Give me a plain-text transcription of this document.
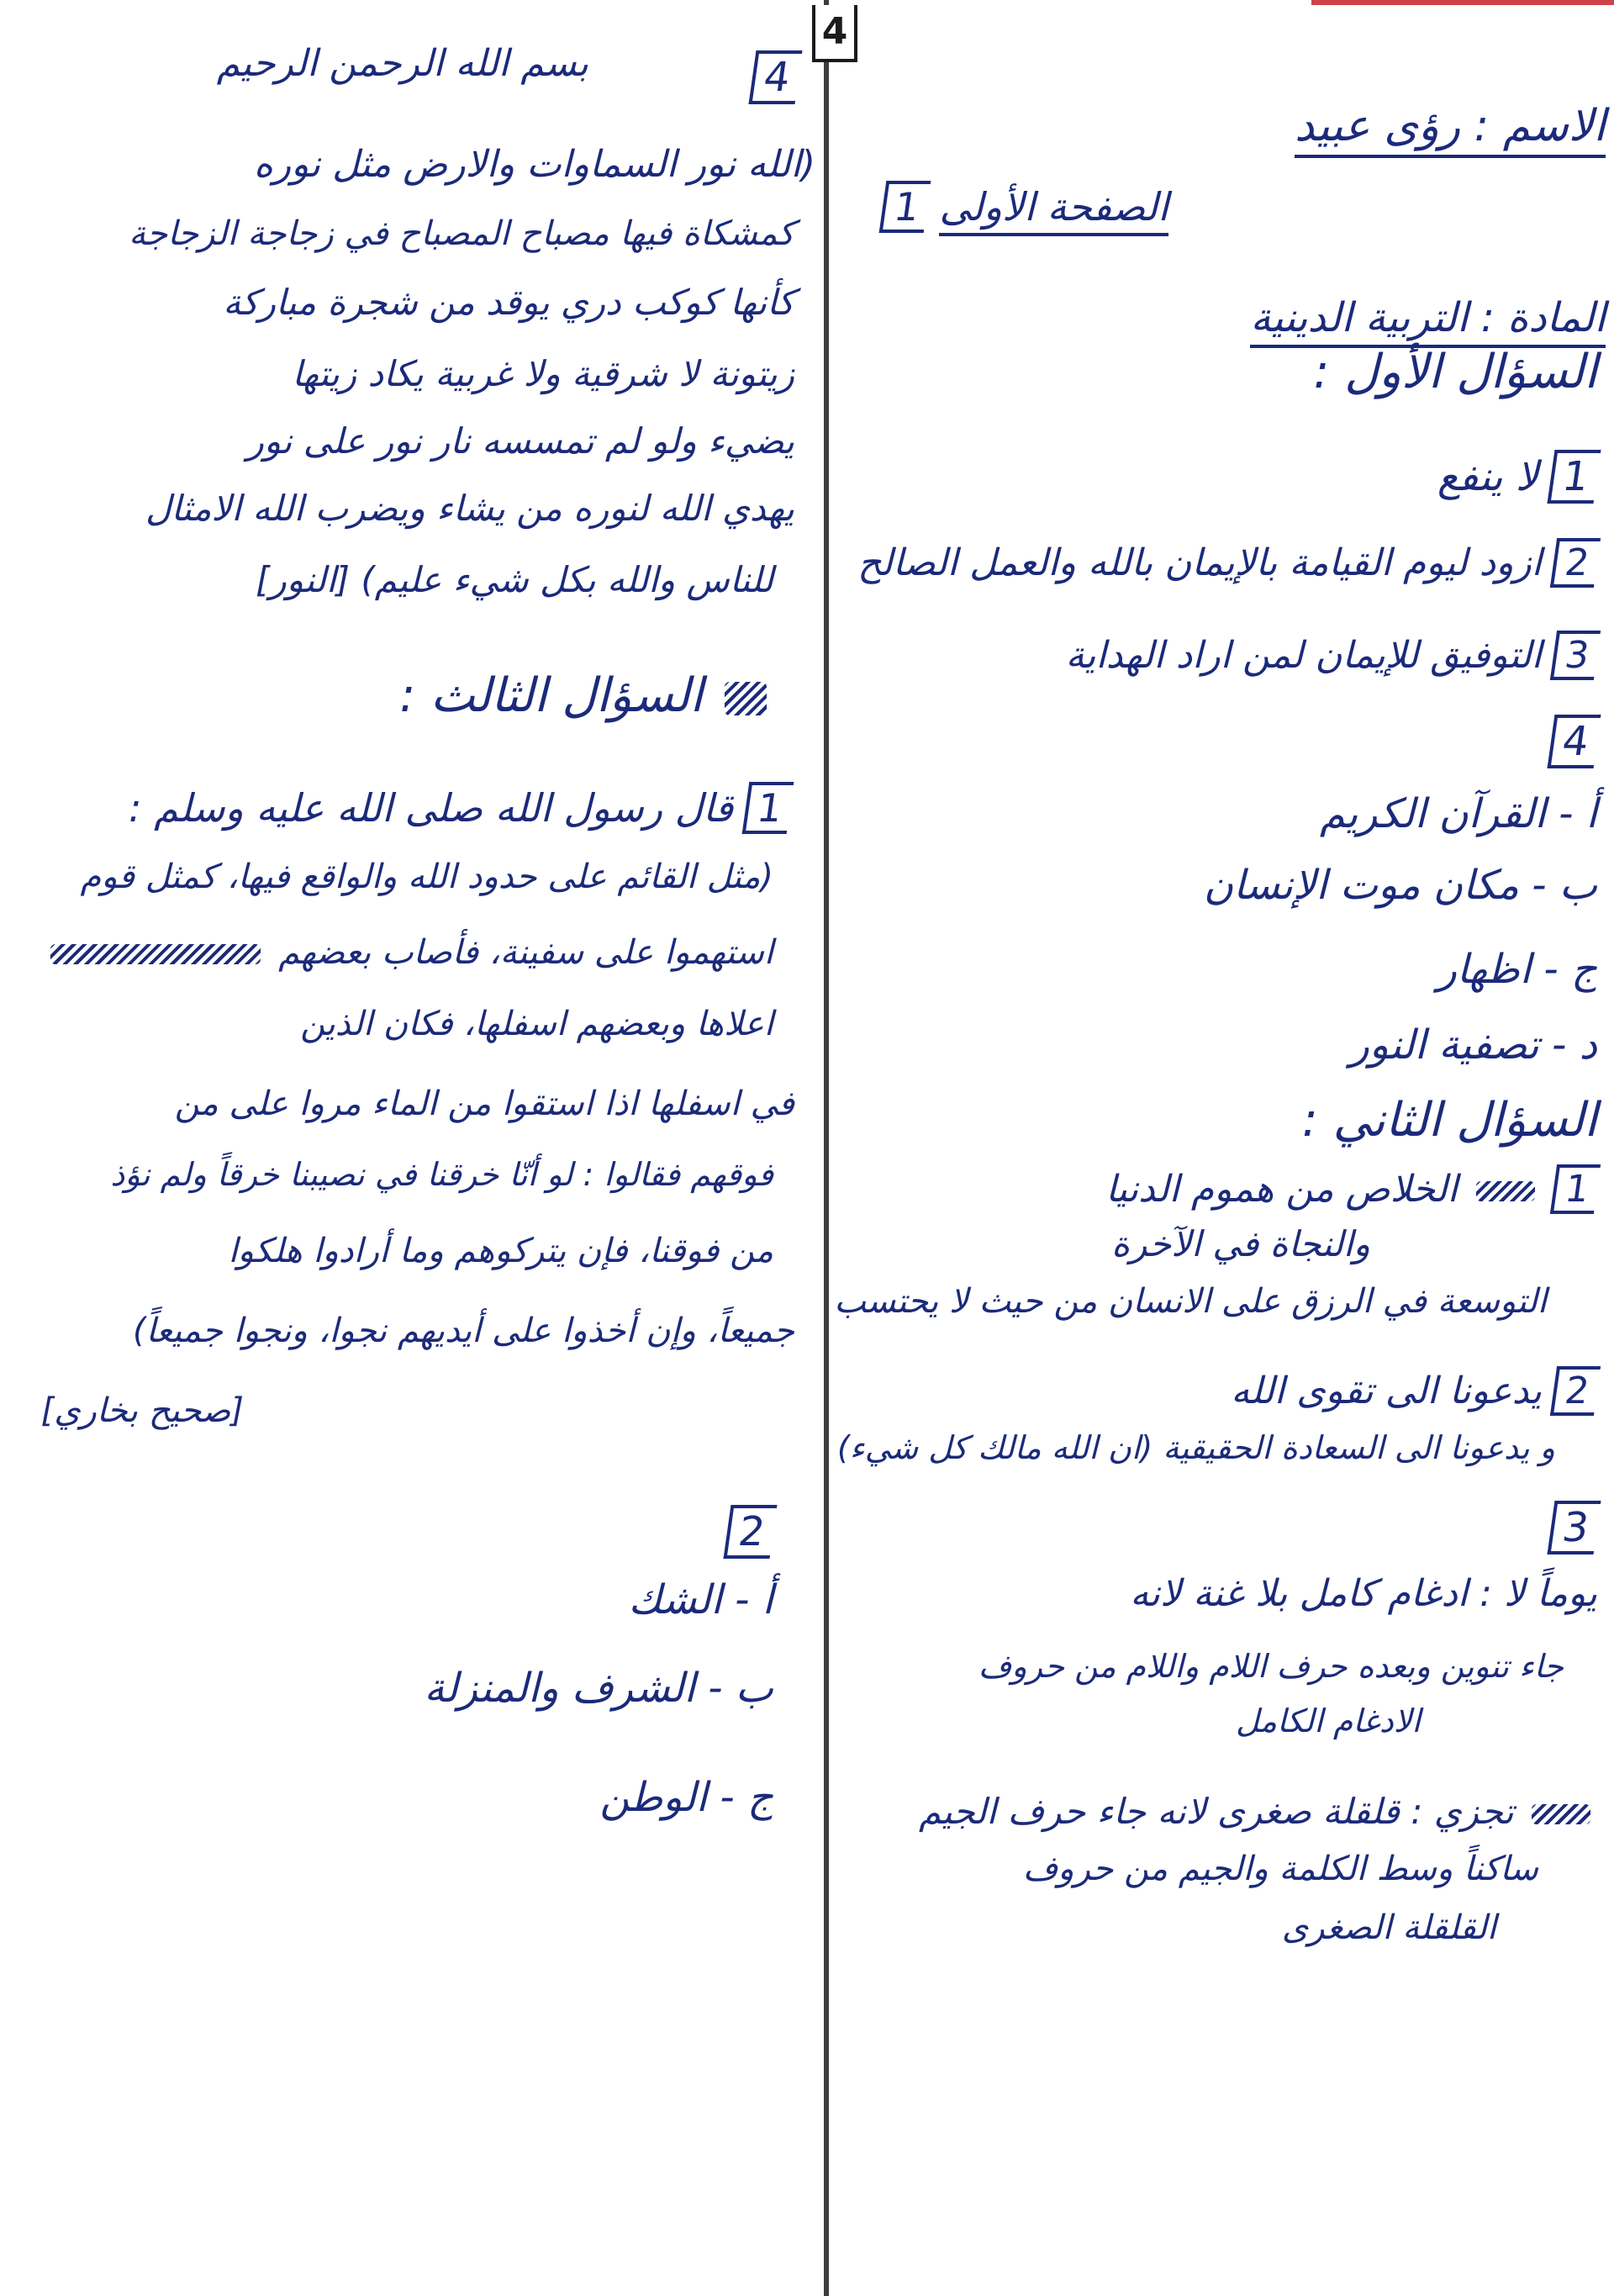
4
الاسم : رؤى عبيد
الصفحة الأولى 1
المادة : التربية الدينية
السؤال الأول :
1 لا ينفع
2 ازود ليوم القيامة بالإيمان بالله والعمل الصالح
3 التوفيق للإيمان لمن اراد الهداية
4
أ - القرآن الكريم
ب - مكان موت الإنسان
ج - اظهار
د - تصفية النور
السؤال الثاني :
1  الخلاص من هموم الدنيا
والنجاة في الآخرة
التوسعة في الرزق على الانسان من حيث لا يحتسب
2 يدعونا الى تقوى الله
و يدعونا الى السعادة الحقيقية (ان الله مالك كل شيء)
3
يوماً لا : ادغام كامل بلا غنة لانه
جاء تنوين وبعده حرف اللام واللام من حروف
الادغام الكامل
تجزي : قلقلة صغرى لانه جاء حرف الجيم
ساكناً وسط الكلمة والجيم من حروف
القلقلة الصغرى
بسم الله الرحمن الرحيم	4
(الله نور السماوات والارض مثل نوره
كمشكاة فيها مصباح المصباح في زجاجة الزجاجة
كأنها كوكب دري يوقد من شجرة مباركة
زيتونة لا شرقية ولا غربية يكاد زيتها
يضيء ولو لم تمسسه نار نور على نور
يهدي الله لنوره من يشاء ويضرب الله الامثال
للناس والله بكل شيء عليم) [النور]
السؤال الثالث :
1 قال رسول الله صلى الله عليه وسلم :
(مثل القائم على حدود الله والواقع فيها، كمثل قوم
استهموا على سفينة، فأصاب بعضهم
اعلاها وبعضهم اسفلها، فكان الذين
في اسفلها اذا استقوا من الماء مروا على من
فوقهم فقالوا : لو أنّا خرقنا في نصيبنا خرقاً ولم نؤذ
من فوقنا، فإن يتركوهم وما أرادوا هلكوا
جميعاً، وإن أخذوا على أيديهم نجوا، ونجوا جميعاً)
[صحيح بخاري]
2
أ - الشك
ب - الشرف والمنزلة
ج - الوطن
